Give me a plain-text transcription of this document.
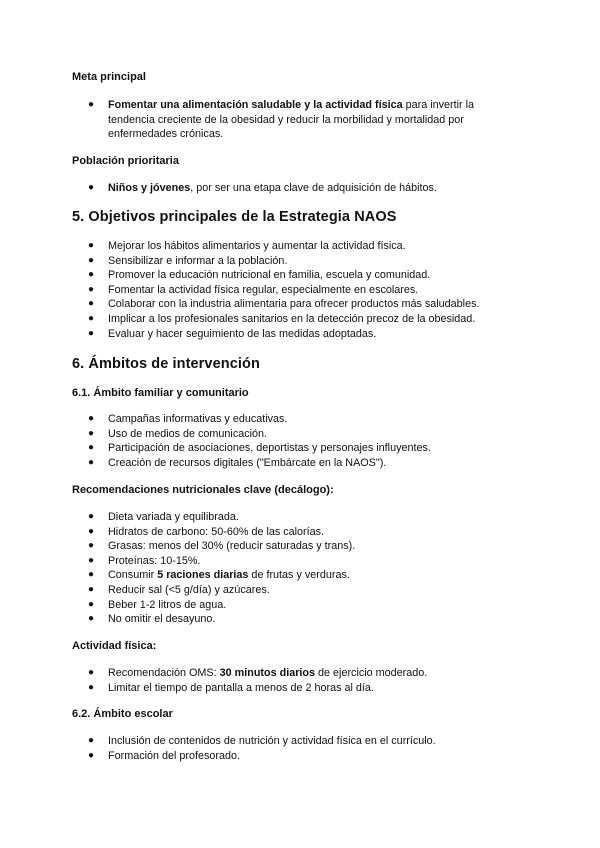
Meta principal

● Fomentar una alimentación saludable y la actividad física para invertir la tendencia creciente de la obesidad y reducir la morbilidad y mortalidad por enfermedades crónicas.

Población prioritaria

● Niños y jóvenes, por ser una etapa clave de adquisición de hábitos.
5. Objetivos principales de la Estrategia NAOS
● Mejorar los hábitos alimentarios y aumentar la actividad física.
● Sensibilizar e informar a la población.
● Promover la educación nutricional en familia, escuela y comunidad.
● Fomentar la actividad física regular, especialmente en escolares.
● Colaborar con la industria alimentaria para ofrecer productos más saludables.
● Implicar a los profesionales sanitarios en la detección precoz de la obesidad.
● Evaluar y hacer seguimiento de las medidas adoptadas.
6. Ámbitos de intervención

6.1. Ámbito familiar y comunitario

● Campañas informativas y educativas.
● Uso de medios de comunicación.
● Participación de asociaciones, deportistas y personajes influyentes.
● Creación de recursos digitales ("Embárcate en la NAOS").

Recomendaciones nutricionales clave (decálogo):

● Dieta variada y equilibrada.
● Hidratos de carbono: 50-60% de las calorías.
● Grasas: menos del 30% (reducir saturadas y trans).
● Proteínas: 10-15%.
● Consumir 5 raciones diarias de frutas y verduras.
● Reducir sal (<5 g/día) y azúcares.
● Beber 1-2 litros de agua.
● No omitir el desayuno.

Actividad física:

● Recomendación OMS: 30 minutos diarios de ejercicio moderado.
● Limitar el tiempo de pantalla a menos de 2 horas al día.

6.2. Ámbito escolar

● Inclusión de contenidos de nutrición y actividad física en el currículo.
● Formación del profesorado.
